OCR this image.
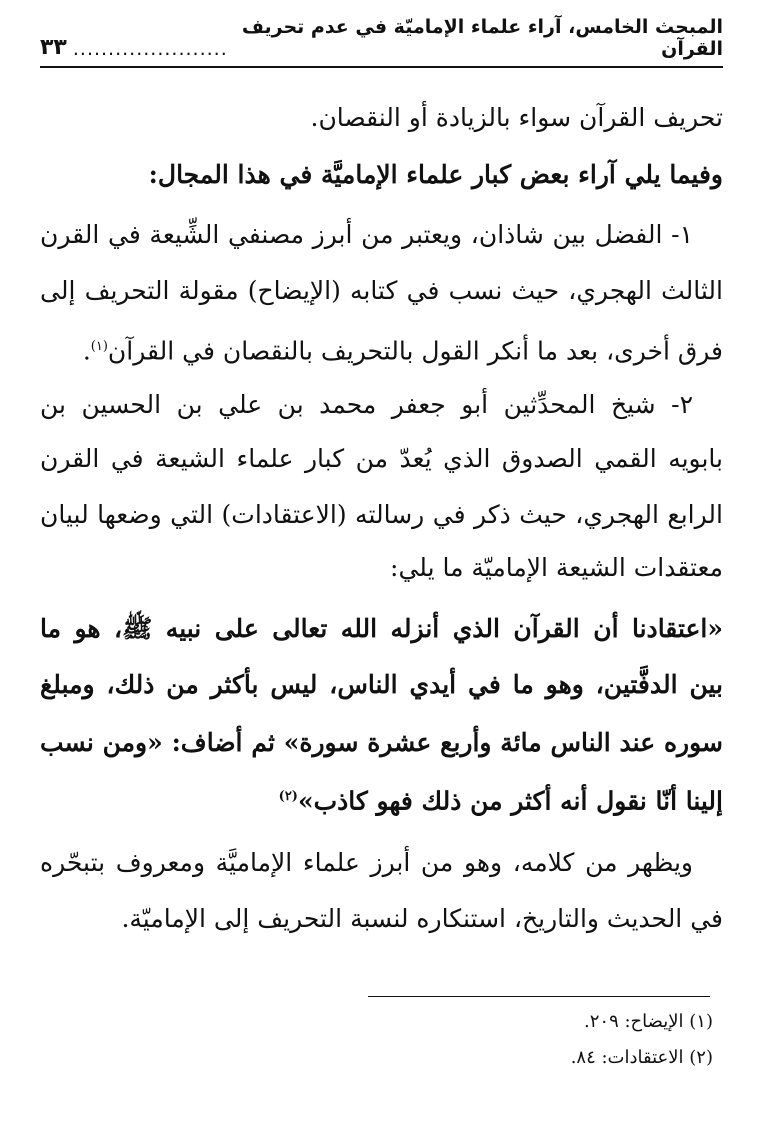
المبحث الخامس، آراء علماء الإماميّة في عدم تحريف القرآن
......................
٣٣
تحريف القرآن سواء بالزيادة أو النقصان.
وفيما يلي آراء بعض كبار علماء الإماميَّة في هذا المجال:
١- الفضل بين شاذان، ويعتبر من أبرز مصنفي الشِّيعة في القرن
الثالث الهجري، حيث نسب في كتابه (الإيضاح) مقولة التحريف إلى
فرق أخرى، بعد ما أنكر القول بالتحريف بالنقصان في القرآن$^{(١)}$.
٢- شيخ المحدِّثين أبو جعفر محمد بن علي بن الحسين بن
بابويه القمي الصدوق الذي يُعدّ من كبار علماء الشيعة في القرن
الرابع الهجري، حيث ذكر في رسالته (الاعتقادات) التي وضعها لبيان
معتقدات الشيعة الإماميّة ما يلي:
«اعتقادنا أن القرآن الذي أنزله الله تعالى على نبيه ﷺ، هو ما
بين الدفَّتين، وهو ما في أيدي الناس، ليس بأكثر من ذلك، ومبلغ
سوره عند الناس مائة وأربع عشرة سورة» ثم أضاف: «ومن نسب
إلينا أنّا نقول أنه أكثر من ذلك فهو كاذب»$^{(٢)}$
ويظهر من كلامه، وهو من أبرز علماء الإماميَّة ومعروف بتبحّره
في الحديث والتاريخ، استنكاره لنسبة التحريف إلى الإماميّة.
(١) الإيضاح: ٢٠٩.
(٢) الاعتقادات: ٨٤.
